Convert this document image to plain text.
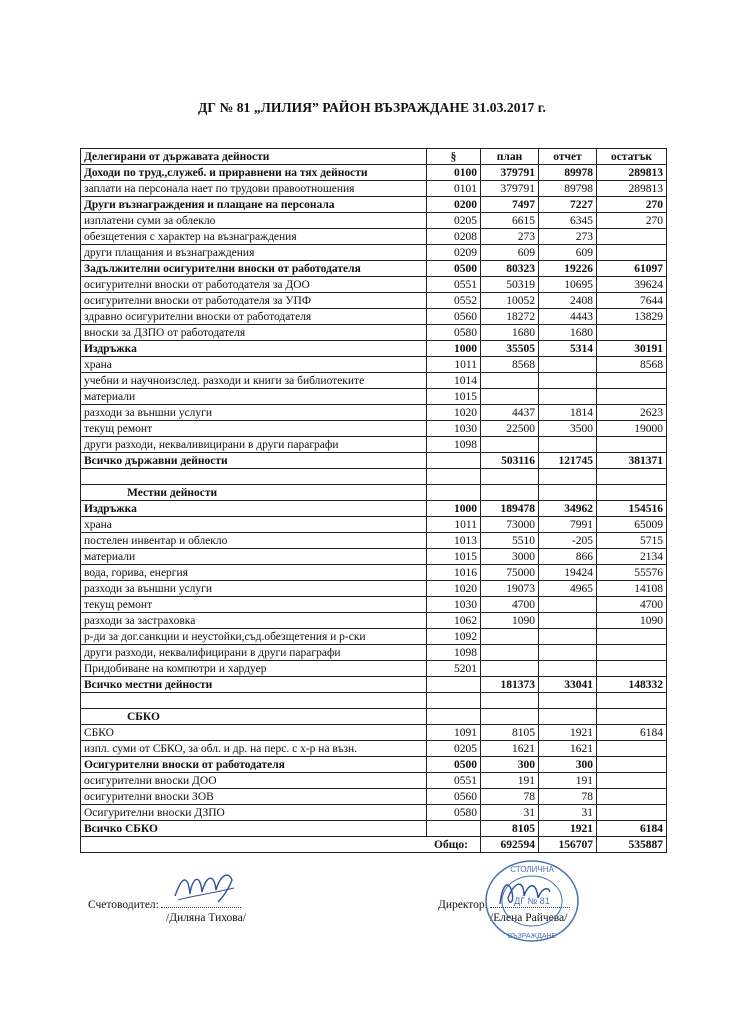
ДГ № 81 „ЛИЛИЯ” РАЙОН ВЪЗРАЖДАНЕ 31.03.2017 г.
Делегирани от държавата дейности	§	план	отчет	остатък
Доходи по труд.,служеб. и приравнени на тях дейности	0100	379791	89978	289813
заплати на персонала нает по трудови правоотношения	0101	379791	89798	289813
Други възнаграждения и плащане на персонала	0200	7497	7227	270
изплатени суми за облекло	0205	6615	6345	270
обезщетения с характер на възнаграждения	0208	273	273	
други плащания и възнаграждения	0209	609	609	
Задължителни осигурителни вноски от работодателя	0500	80323	19226	61097
осигурителни вноски от работодателя за ДОО	0551	50319	10695	39624
осигурителни вноски от работодателя за УПФ	0552	10052	2408	7644
здравно осигурителни вноски от работодателя	0560	18272	4443	13829
вноски за ДЗПО от работодателя	0580	1680	1680	
Издръжка	1000	35505	5314	30191
храна	1011	8568		8568
учебни и научноизслед. разходи и книги за библиотеките	1014			
материали	1015			
разходи за външни услуги	1020	4437	1814	2623
текущ ремонт	1030	22500	3500	19000
други разходи, некваливицирани в други параграфи	1098			
Всичко държавни дейности		503116	121745	381371

Местни дейности				
Издръжка	1000	189478	34962	154516
храна	1011	73000	7991	65009
постелен инвентар и облекло	1013	5510	-205	5715
материали	1015	3000	866	2134
вода, горива, енергия	1016	75000	19424	55576
разходи за външни услуги	1020	19073	4965	14108
текущ ремонт	1030	4700		4700
разходи за застраховка	1062	1090		1090
р-ди за дог.санкции и неустойки,съд.обезщетения и р-ски	1092			
други разходи, неквалифицирани в други параграфи	1098			
Придобиване на компютри и хардуер	5201			
Всичко местни дейности		181373	33041	148332

СБКО				
СБКО	1091	8105	1921	6184
изпл. суми от СБКО, за обл. и др. на перс. с х-р на възн.	0205	1621	1621	
Осигурителни вноски от работодателя	0500	300	300	
осигурителни вноски ДОО	0551	191	191	
осигурителни вноски ЗОВ	0560	78	78	
Осигурителни вноски ДЗПО	0580	31	31	
Всичко СБКО		8105	1921	6184
Общо:		692594	156707	535887
Счетоводител:
/Диляна Тихова/
Директор:
/Елена Райчева/
СТОЛИЧНА
ВЪЗРАЖДАНЕ
ДГ № 81
